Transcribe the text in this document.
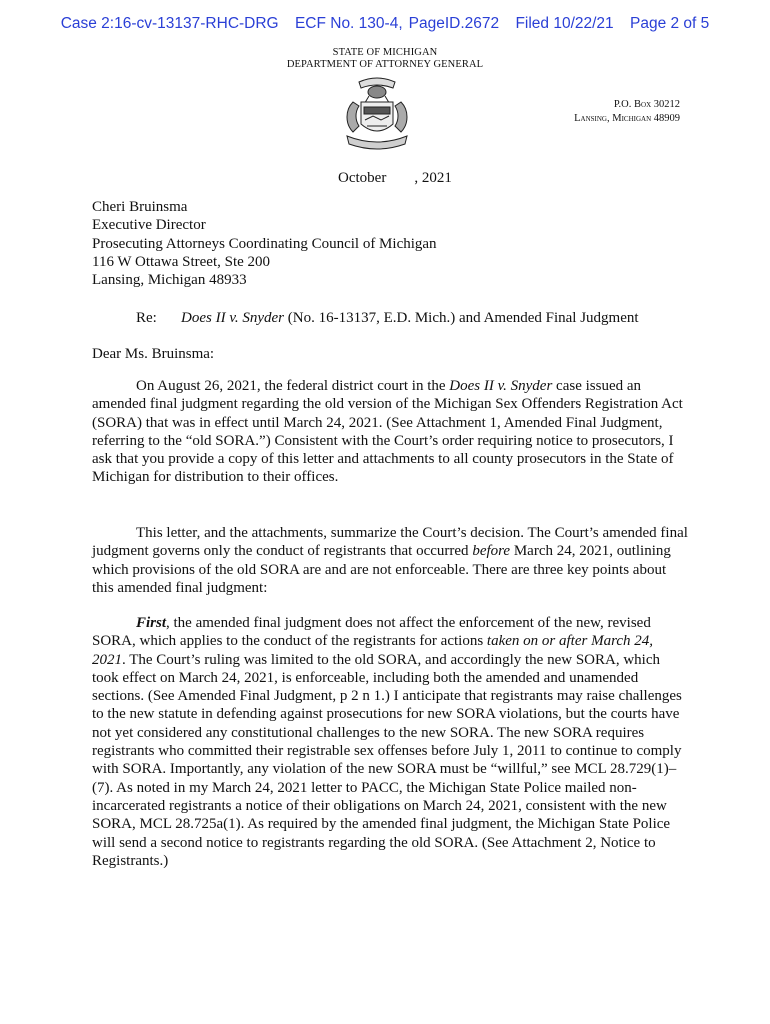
Case 2:16-cv-13137-RHC-DRG ECF No. 130-4, PageID.2672 Filed 10/22/21 Page 2 of 5
STATE OF MICHIGAN
DEPARTMENT OF ATTORNEY GENERAL
P.O. Box 30212
Lansing, Michigan 48909
October , 2021
Cheri Bruinsma
Executive Director
Prosecuting Attorneys Coordinating Council of Michigan
116 W Ottawa Street, Ste 200
Lansing, Michigan 48933
Re: Does II v. Snyder (No. 16-13137, E.D. Mich.) and Amended Final Judgment
Dear Ms. Bruinsma:

On August 26, 2021, the federal district court in the Does II v. Snyder case issued an amended final judgment regarding the old version of the Michigan Sex Offenders Registration Act (SORA) that was in effect until March 24, 2021. (See Attachment 1, Amended Final Judgment, referring to the “old SORA.”) Consistent with the Court’s order requiring notice to prosecutors, I ask that you provide a copy of this letter and attachments to all county prosecutors in the State of Michigan for distribution to their offices.

This letter, and the attachments, summarize the Court’s decision. The Court’s amended final judgment governs only the conduct of registrants that occurred before March 24, 2021, outlining which provisions of the old SORA are and are not enforceable. There are three key points about this amended final judgment:

First, the amended final judgment does not affect the enforcement of the new, revised SORA, which applies to the conduct of the registrants for actions taken on or after March 24, 2021. The Court’s ruling was limited to the old SORA, and accordingly the new SORA, which took effect on March 24, 2021, is enforceable, including both the amended and unamended sections. (See Amended Final Judgment, p 2 n 1.) I anticipate that registrants may raise challenges to the new statute in defending against prosecutions for new SORA violations, but the courts have not yet considered any constitutional challenges to the new SORA. The new SORA requires registrants who committed their registrable sex offenses before July 1, 2011 to continue to comply with SORA. Importantly, any violation of the new SORA must be “willful,” see MCL 28.729(1)–(7). As noted in my March 24, 2021 letter to PACC, the Michigan State Police mailed non-incarcerated registrants a notice of their obligations on March 24, 2021, consistent with the new SORA, MCL 28.725a(1). As required by the amended final judgment, the Michigan State Police will send a second notice to registrants regarding the old SORA. (See Attachment 2, Notice to Registrants.)
